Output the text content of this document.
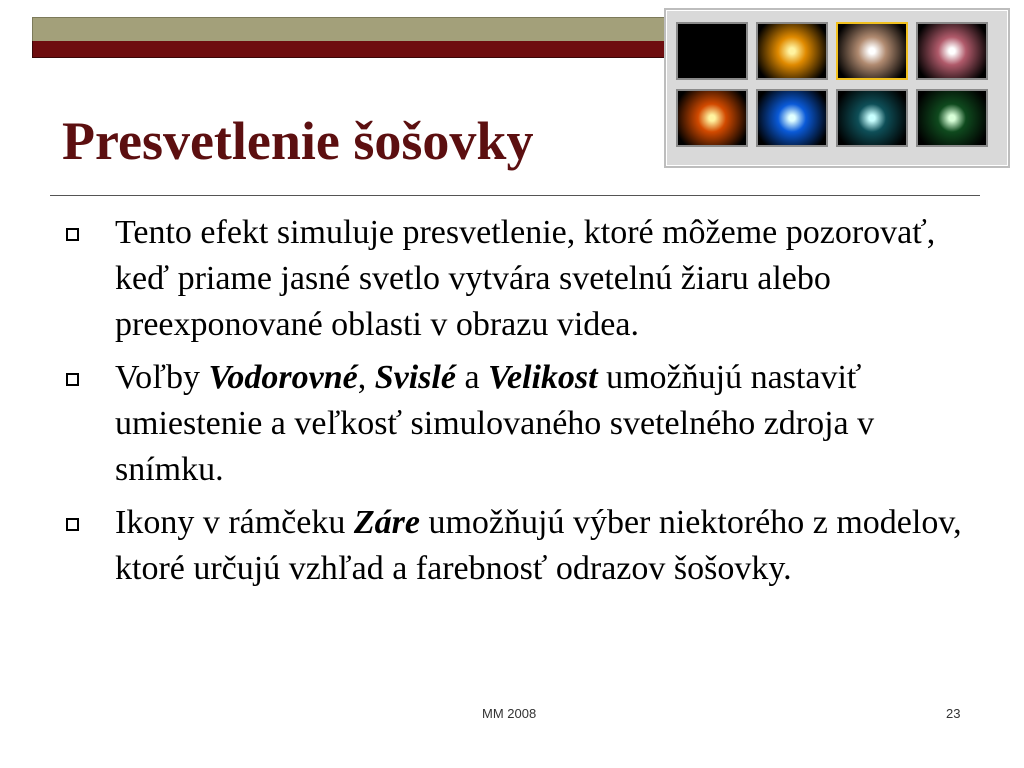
Presvetlenie šošovky
Tento efekt simuluje presvetlenie, ktoré môžeme pozorovať, keď priame jasné svetlo vytvára svetelnú žiaru alebo preexponované oblasti v obrazu videa.
Voľby Vodorovné, Svislé a Velikost umožňujú nastaviť umiestenie a veľkosť simulovaného svetelného zdroja v snímku.
Ikony v rámčeku Záre umožňujú výber niektorého z modelov, ktoré určujú vzhľad a farebnosť odrazov šošovky.
MM 2008	23
